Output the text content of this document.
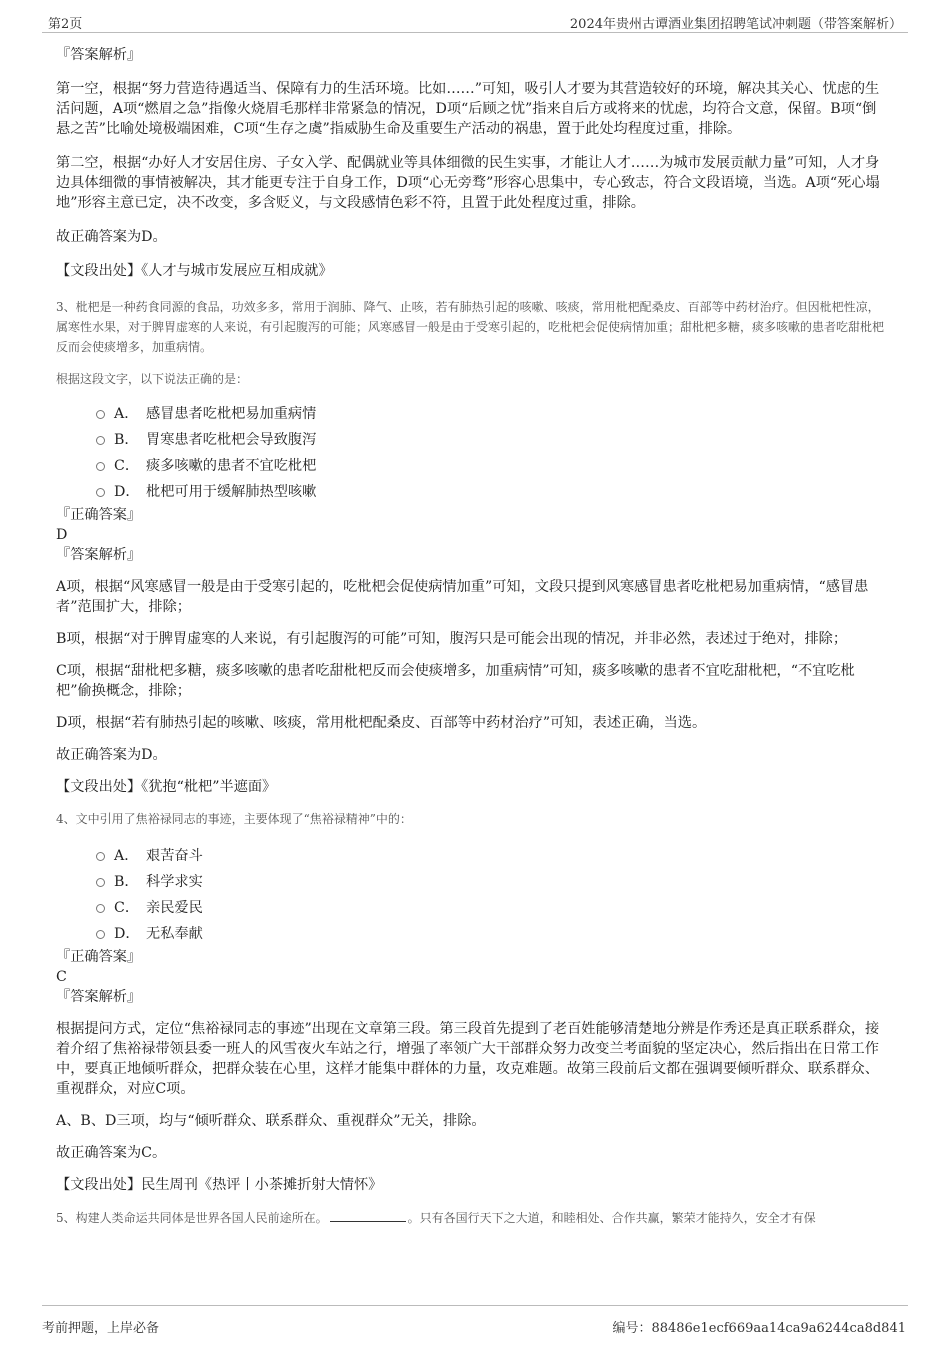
第2页	2024年贵州古谭酒业集团招聘笔试冲刺题（带答案解析）

『答案解析』

第一空，根据“努力营造待遇适当、保障有力的生活环境。比如……”可知，吸引人才要为其营造较好的环境，解决其关心、忧虑的生活问题，A项“燃眉之急”指像火烧眉毛那样非常紧急的情况，D项“后顾之忧”指来自后方或将来的忧虑，均符合文意，保留。B项“倒悬之苦”比喻处境极端困难，C项“生存之虞”指威胁生命及重要生产活动的祸患，置于此处均程度过重，排除。

第二空，根据“办好人才安居住房、子女入学、配偶就业等具体细微的民生实事，才能让人才……为城市发展贡献力量”可知，人才身边具体细微的事情被解决，其才能更专注于自身工作，D项“心无旁骛”形容心思集中，专心致志，符合文段语境，当选。A项“死心塌地”形容主意已定，决不改变，多含贬义，与文段感情色彩不符，且置于此处程度过重，排除。

故正确答案为D。

【文段出处】《人才与城市发展应互相成就》

3、枇杷是一种药食同源的食品，功效多多，常用于润肺、降气、止咳，若有肺热引起的咳嗽、咳痰，常用枇杷配桑皮、百部等中药材治疗。但因枇杷性凉，属寒性水果，对于脾胃虚寒的人来说，有引起腹泻的可能；风寒感冒一般是由于受寒引起的，吃枇杷会促使病情加重；甜枇杷多糖，痰多咳嗽的患者吃甜枇杷反而会使痰增多，加重病情。

根据这段文字，以下说法正确的是：

A． 感冒患者吃枇杷易加重病情
B． 胃寒患者吃枇杷会导致腹泻
C． 痰多咳嗽的患者不宜吃枇杷
D． 枇杷可用于缓解肺热型咳嗽

『正确答案』

D

『答案解析』

A项，根据“风寒感冒一般是由于受寒引起的，吃枇杷会促使病情加重”可知，文段只提到风寒感冒患者吃枇杷易加重病情，“感冒患者”范围扩大，排除；

B项，根据“对于脾胃虚寒的人来说，有引起腹泻的可能”可知，腹泻只是可能会出现的情况，并非必然，表述过于绝对，排除；

C项，根据“甜枇杷多糖，痰多咳嗽的患者吃甜枇杷反而会使痰增多，加重病情”可知，痰多咳嗽的患者不宜吃甜枇杷，“不宜吃枇杷”偷换概念，排除；

D项，根据“若有肺热引起的咳嗽、咳痰，常用枇杷配桑皮、百部等中药材治疗”可知，表述正确，当选。

故正确答案为D。

【文段出处】《犹抱“枇杷”半遮面》

4、文中引用了焦裕禄同志的事迹，主要体现了“焦裕禄精神”中的：

A． 艰苦奋斗
B． 科学求实
C． 亲民爱民
D． 无私奉献

『正确答案』

C

『答案解析』

根据提问方式，定位“焦裕禄同志的事迹”出现在文章第三段。第三段首先提到了老百姓能够清楚地分辨是作秀还是真正联系群众，接着介绍了焦裕禄带领县委一班人的风雪夜火车站之行，增强了率领广大干部群众努力改变兰考面貌的坚定决心，然后指出在日常工作中，要真正地倾听群众，把群众装在心里，这样才能集中群体的力量，攻克难题。故第三段前后文都在强调要倾听群众、联系群众、重视群众，对应C项。

A、B、D三项，均与“倾听群众、联系群众、重视群众”无关，排除。

故正确答案为C。

【文段出处】民生周刊《热评丨小茶摊折射大情怀》

5、构建人类命运共同体是世界各国人民前途所在。	。只有各国行天下之大道，和睦相处、合作共赢，繁荣才能持久，安全才有保

考前押题，上岸必备	编号：88486e1ecf669aa14ca9a6244ca8d841
